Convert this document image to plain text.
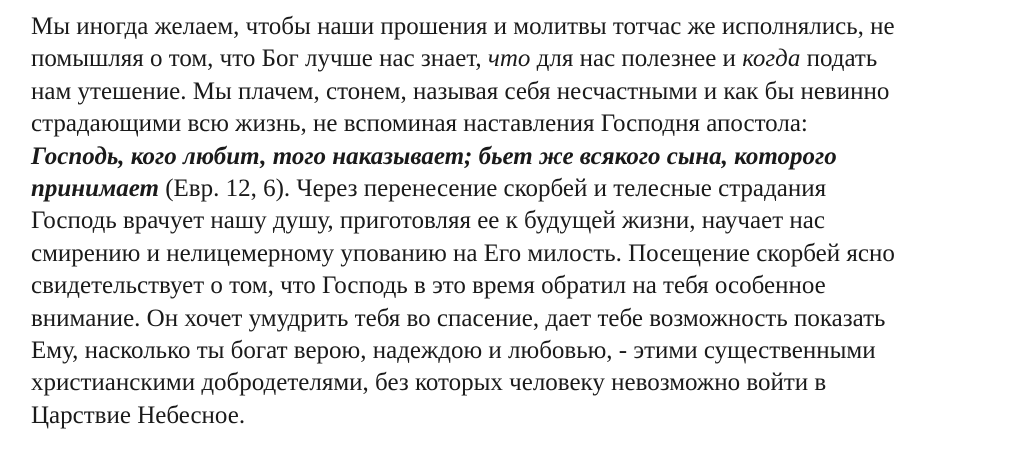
Мы иногда желаем, чтобы наши прошения и молитвы тотчас же исполнялись, не
помышляя о том, что Бог лучше нас знает, что для нас полезнее и когда подать
нам утешение. Мы плачем, стонем, называя себя несчастными и как бы невинно
страдающими всю жизнь, не вспоминая наставления Господня апостола:
Господь, кого любит, того наказывает; бьет же всякого сына, которого
принимает (Евр. 12, 6). Через перенесение скорбей и телесные страдания
Господь врачует нашу душу, приготовляя ее к будущей жизни, научает нас
смирению и нелицемерному упованию на Его милость. Посещение скорбей ясно
свидетельствует о том, что Господь в это время обратил на тебя особенное
внимание. Он хочет умудрить тебя во спасение, дает тебе возможность показать
Ему, насколько ты богат верою, надеждою и любовью, - этими существенными
христианскими добродетелями, без которых человеку невозможно войти в
Царствие Небесное.
